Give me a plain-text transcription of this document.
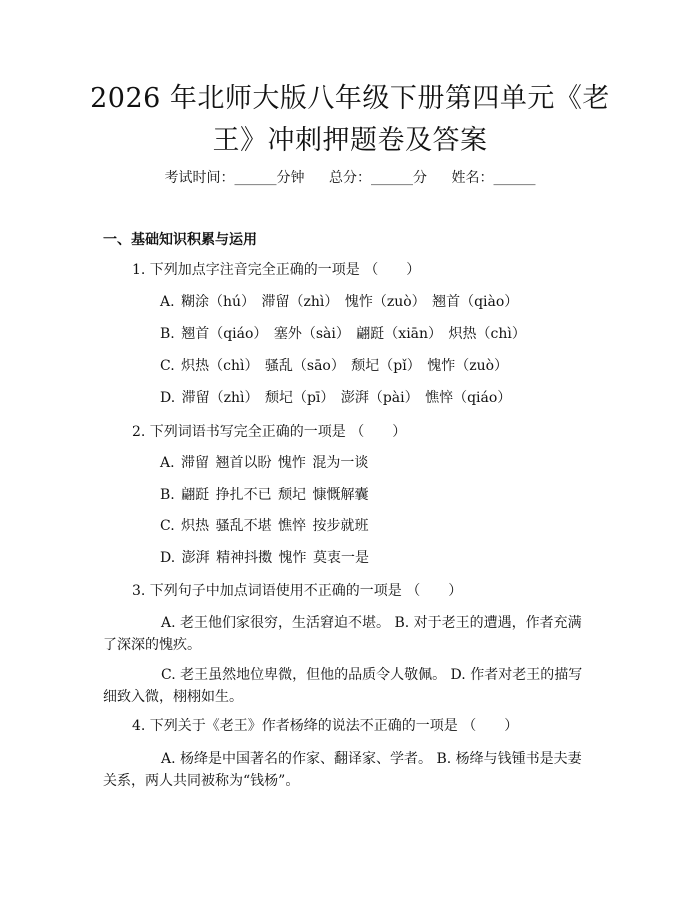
2026 年北师大版八年级下册第四单元《老
王》冲刺押题卷及答案
考试时间：______分钟 总分：______分 姓名：______
一、基础知识积累与运用
1. 下列加点字注音完全正确的一项是 （　　）
A. 糊涂（hú） 滞留（zhì） 愧怍（zuò） 翘首（qiào）
B. 翘首（qiáo） 塞外（sài） 翩跹（xiān） 炽热（chì）
C. 炽热（chì） 骚乱（sāo） 颓圮（pǐ） 愧怍（zuò）
D. 滞留（zhì） 颓圮（pī） 澎湃（pài） 憔悴（qiáo）
2. 下列词语书写完全正确的一项是 （　　）
A. 滞留 翘首以盼 愧怍 混为一谈
B. 翩跹 挣扎不已 颓圮 慷慨解囊
C. 炽热 骚乱不堪 憔悴 按步就班
D. 澎湃 精神抖擞 愧怍 莫衷一是
3. 下列句子中加点词语使用不正确的一项是 （　　）
A. 老王他们家很穷，生活窘迫不堪。 B. 对于老王的遭遇，作者充满了深深的愧疚。
C. 老王虽然地位卑微，但他的品质令人敬佩。 D. 作者对老王的描写细致入微，栩栩如生。
4. 下列关于《老王》作者杨绛的说法不正确的一项是 （　　）
A. 杨绛是中国著名的作家、翻译家、学者。 B. 杨绛与钱锺书是夫妻关系，两人共同被称为“钱杨”。
